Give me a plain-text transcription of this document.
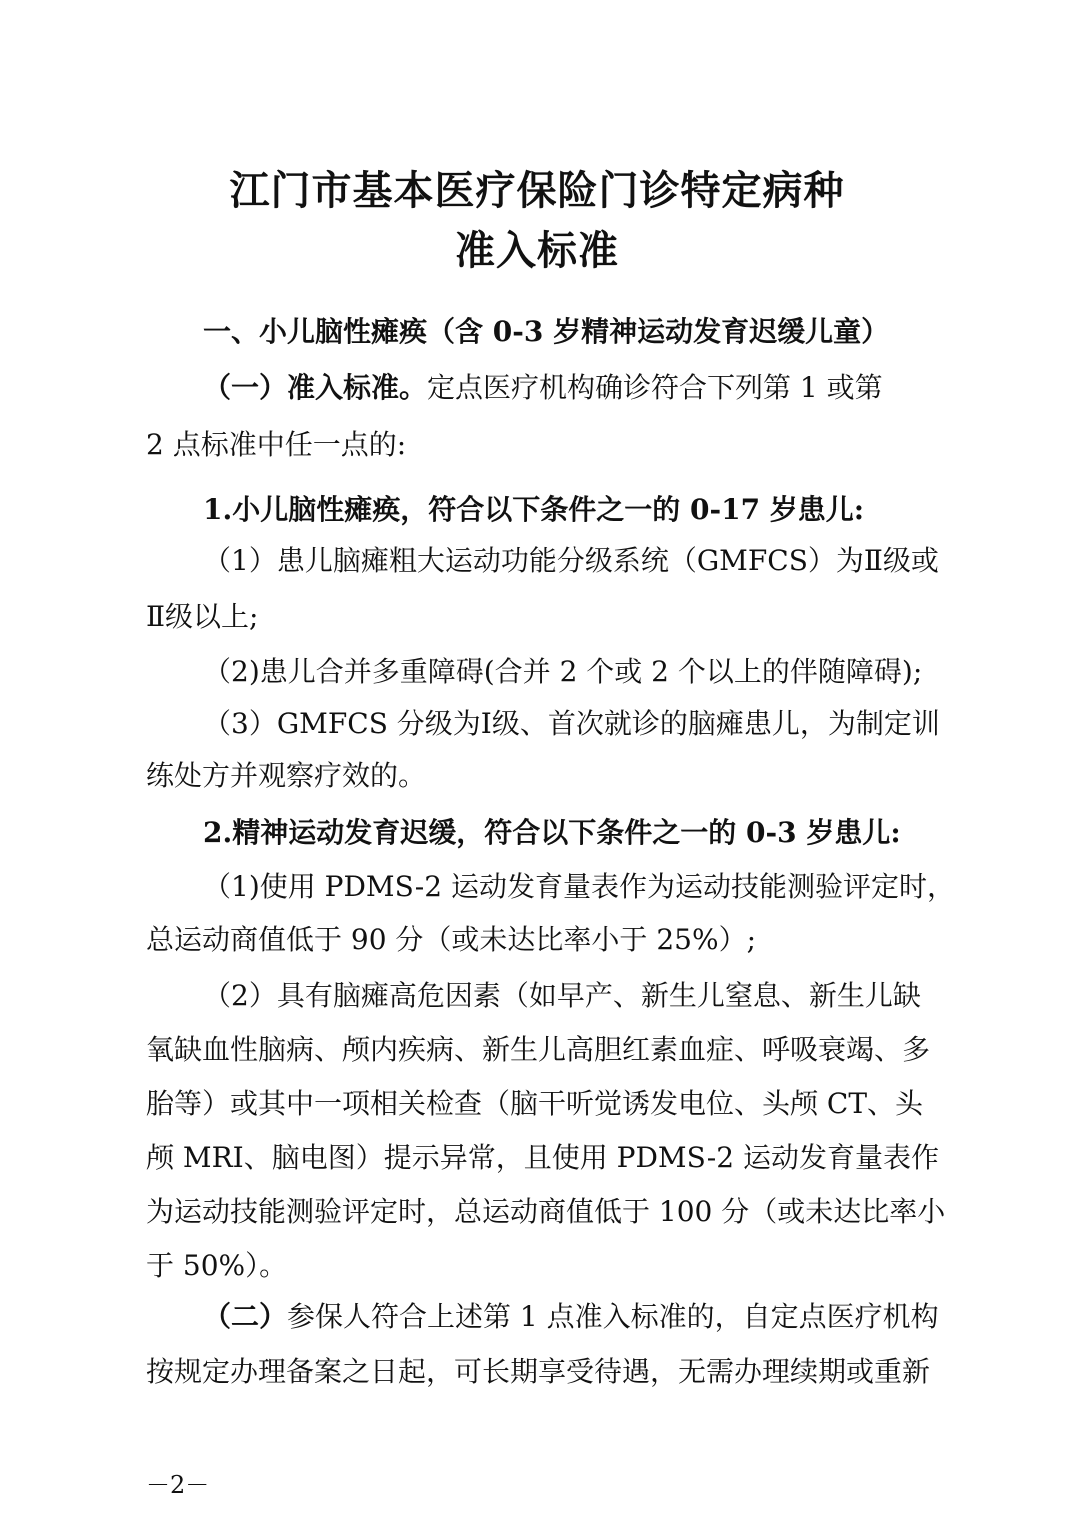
江门市基本医疗保险门诊特定病种
准入标准
一、小儿脑性瘫痪（含 0-3 岁精神运动发育迟缓儿童）
（一）准入标准。定点医疗机构确诊符合下列第 1 或第
2 点标准中任一点的:
1.小儿脑性瘫痪，符合以下条件之一的 0-17 岁患儿:
（1）患儿脑瘫粗大运动功能分级系统（GMFCS）为Ⅱ级或
Ⅱ级以上;
（2)患儿合并多重障碍(合并 2 个或 2 个以上的伴随障碍);
（3）GMFCS 分级为Ⅰ级、首次就诊的脑瘫患儿，为制定训
练处方并观察疗效的。
2.精神运动发育迟缓，符合以下条件之一的 0-3 岁患儿:
（1)使用 PDMS-2 运动发育量表作为运动技能测验评定时，
总运动商值低于 90 分（或未达比率小于 25%）;
（2）具有脑瘫高危因素（如早产、新生儿窒息、新生儿缺
氧缺血性脑病、颅内疾病、新生儿高胆红素血症、呼吸衰竭、多
胎等）或其中一项相关检查（脑干听觉诱发电位、头颅 CT、头
颅 MRI、脑电图）提示异常，且使用 PDMS-2 运动发育量表作
为运动技能测验评定时，总运动商值低于 100 分（或未达比率小
于 50%）。
（二）参保人符合上述第 1 点准入标准的，自定点医疗机构
按规定办理备案之日起，可长期享受待遇，无需办理续期或重新
－2－
